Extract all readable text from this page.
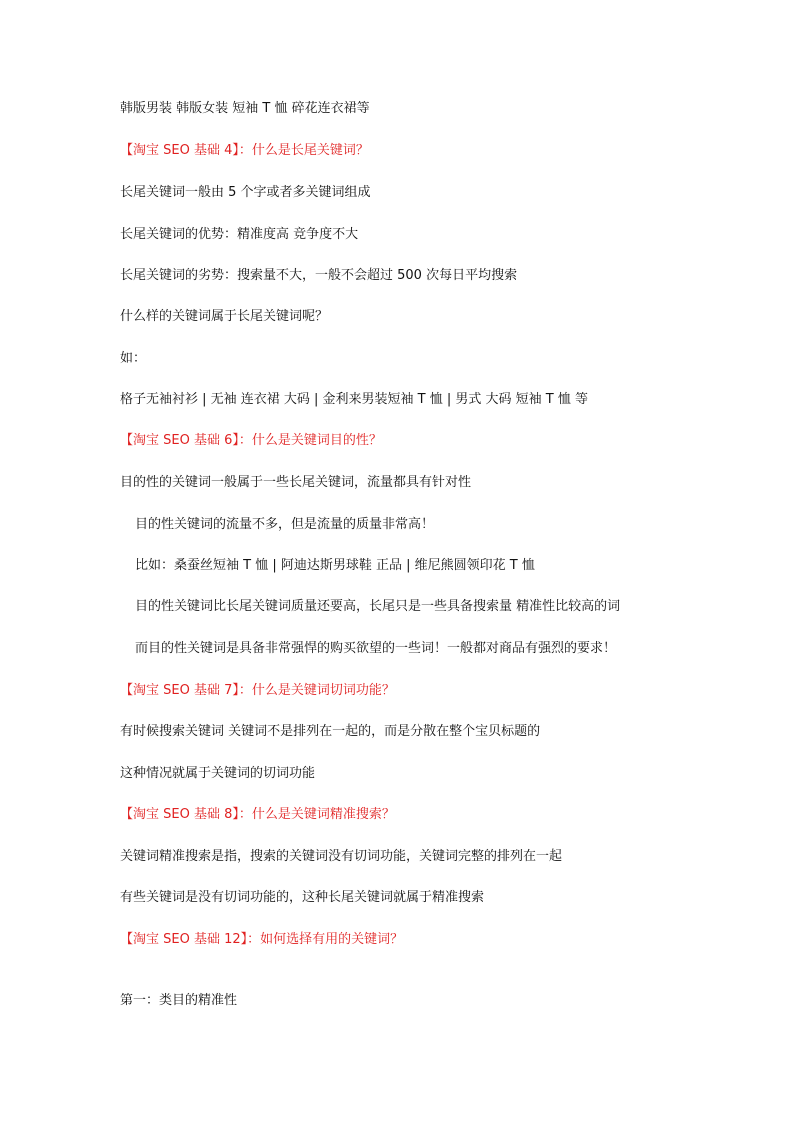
韩版男装 韩版女装 短袖 T 恤 碎花连衣裙等
【淘宝 SEO 基础 4】：什么是长尾关键词？
长尾关键词一般由 5 个字或者多关键词组成
长尾关键词的优势：精准度高 竞争度不大
长尾关键词的劣势：搜索量不大，一般不会超过 500 次每日平均搜索
什么样的关键词属于长尾关键词呢？
如：
格子无袖衬衫 | 无袖 连衣裙 大码 | 金利来男装短袖 T 恤 | 男式 大码 短袖 T 恤 等
【淘宝 SEO 基础 6】：什么是关键词目的性？
目的性的关键词一般属于一些长尾关键词，流量都具有针对性
目的性关键词的流量不多，但是流量的质量非常高！
比如：桑蚕丝短袖 T 恤 | 阿迪达斯男球鞋 正品 | 维尼熊圆领印花 T 恤
目的性关键词比长尾关键词质量还要高，长尾只是一些具备搜索量 精准性比较高的词
而目的性关键词是具备非常强悍的购买欲望的一些词！一般都对商品有强烈的要求！
【淘宝 SEO 基础 7】：什么是关键词切词功能？
有时候搜索关键词 关键词不是排列在一起的，而是分散在整个宝贝标题的
这种情况就属于关键词的切词功能
【淘宝 SEO 基础 8】：什么是关键词精准搜索？
关键词精准搜索是指，搜索的关键词没有切词功能，关键词完整的排列在一起
有些关键词是没有切词功能的，这种长尾关键词就属于精准搜索
【淘宝 SEO 基础 12】：如何选择有用的关键词？
第一：类目的精准性
